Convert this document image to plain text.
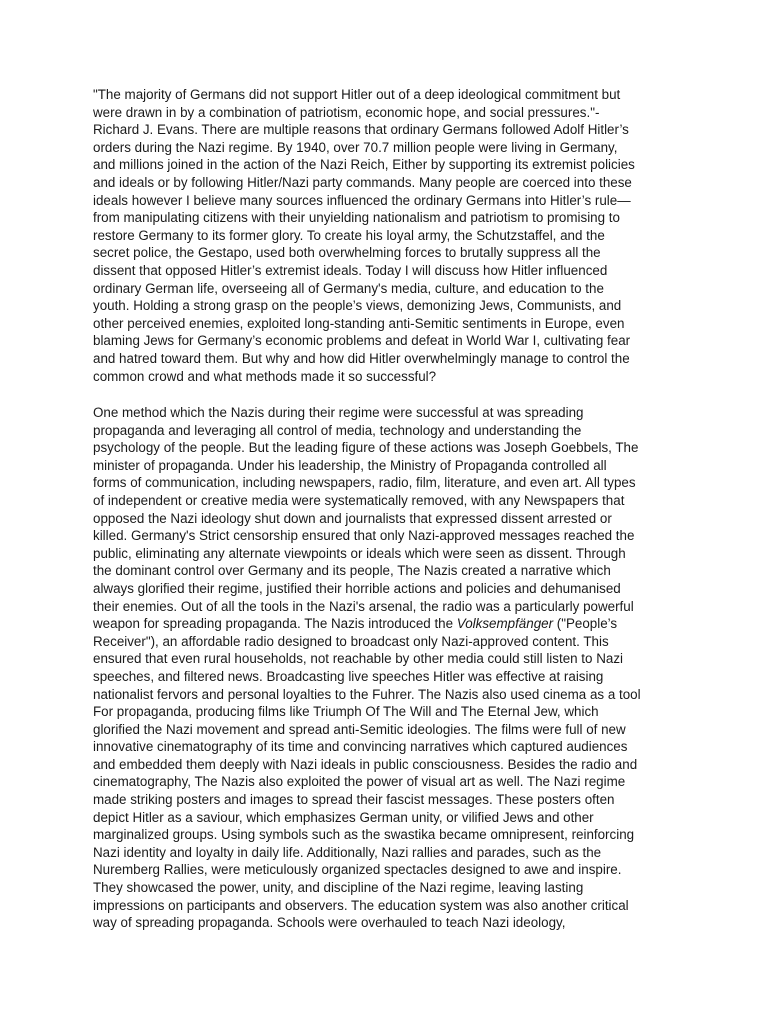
"The majority of Germans did not support Hitler out of a deep ideological commitment but
were drawn in by a combination of patriotism, economic hope, and social pressures."-
Richard J. Evans. There are multiple reasons that ordinary Germans followed Adolf Hitler’s
orders during the Nazi regime. By 1940, over 70.7 million people were living in Germany,
and millions joined in the action of the Nazi Reich, Either by supporting its extremist policies
and ideals or by following Hitler/Nazi party commands. Many people are coerced into these
ideals however I believe many sources influenced the ordinary Germans into Hitler’s rule—
from manipulating citizens with their unyielding nationalism and patriotism to promising to
restore Germany to its former glory. To create his loyal army, the Schutzstaffel, and the
secret police, the Gestapo, used both overwhelming forces to brutally suppress all the
dissent that opposed Hitler’s extremist ideals. Today I will discuss how Hitler influenced
ordinary German life, overseeing all of Germany's media, culture, and education to the
youth. Holding a strong grasp on the people’s views, demonizing Jews, Communists, and
other perceived enemies, exploited long-standing anti-Semitic sentiments in Europe, even
blaming Jews for Germany’s economic problems and defeat in World War I, cultivating fear
and hatred toward them. But why and how did Hitler overwhelmingly manage to control the
common crowd and what methods made it so successful?
One method which the Nazis during their regime were successful at was spreading
propaganda and leveraging all control of media, technology and understanding the
psychology of the people. But the leading figure of these actions was Joseph Goebbels, The
minister of propaganda. Under his leadership, the Ministry of Propaganda controlled all
forms of communication, including newspapers, radio, film, literature, and even art. All types
of independent or creative media were systematically removed, with any Newspapers that
opposed the Nazi ideology shut down and journalists that expressed dissent arrested or
killed. Germany's Strict censorship ensured that only Nazi-approved messages reached the
public, eliminating any alternate viewpoints or ideals which were seen as dissent. Through
the dominant control over Germany and its people, The Nazis created a narrative which
always glorified their regime, justified their horrible actions and policies and dehumanised
their enemies. Out of all the tools in the Nazi's arsenal, the radio was a particularly powerful
weapon for spreading propaganda. The Nazis introduced the Volksempfänger ("People’s
Receiver"), an affordable radio designed to broadcast only Nazi-approved content. This
ensured that even rural households, not reachable by other media could still listen to Nazi
speeches, and filtered news. Broadcasting live speeches Hitler was effective at raising
nationalist fervors and personal loyalties to the Fuhrer. The Nazis also used cinema as a tool
For propaganda, producing films like Triumph Of The Will and The Eternal Jew, which
glorified the Nazi movement and spread anti-Semitic ideologies. The films were full of new
innovative cinematography of its time and convincing narratives which captured audiences
and embedded them deeply with Nazi ideals in public consciousness. Besides the radio and
cinematography, The Nazis also exploited the power of visual art as well. The Nazi regime
made striking posters and images to spread their fascist messages. These posters often
depict Hitler as a saviour, which emphasizes German unity, or vilified Jews and other
marginalized groups. Using symbols such as the swastika became omnipresent, reinforcing
Nazi identity and loyalty in daily life. Additionally, Nazi rallies and parades, such as the
Nuremberg Rallies, were meticulously organized spectacles designed to awe and inspire.
They showcased the power, unity, and discipline of the Nazi regime, leaving lasting
impressions on participants and observers. The education system was also another critical
way of spreading propaganda. Schools were overhauled to teach Nazi ideology,
